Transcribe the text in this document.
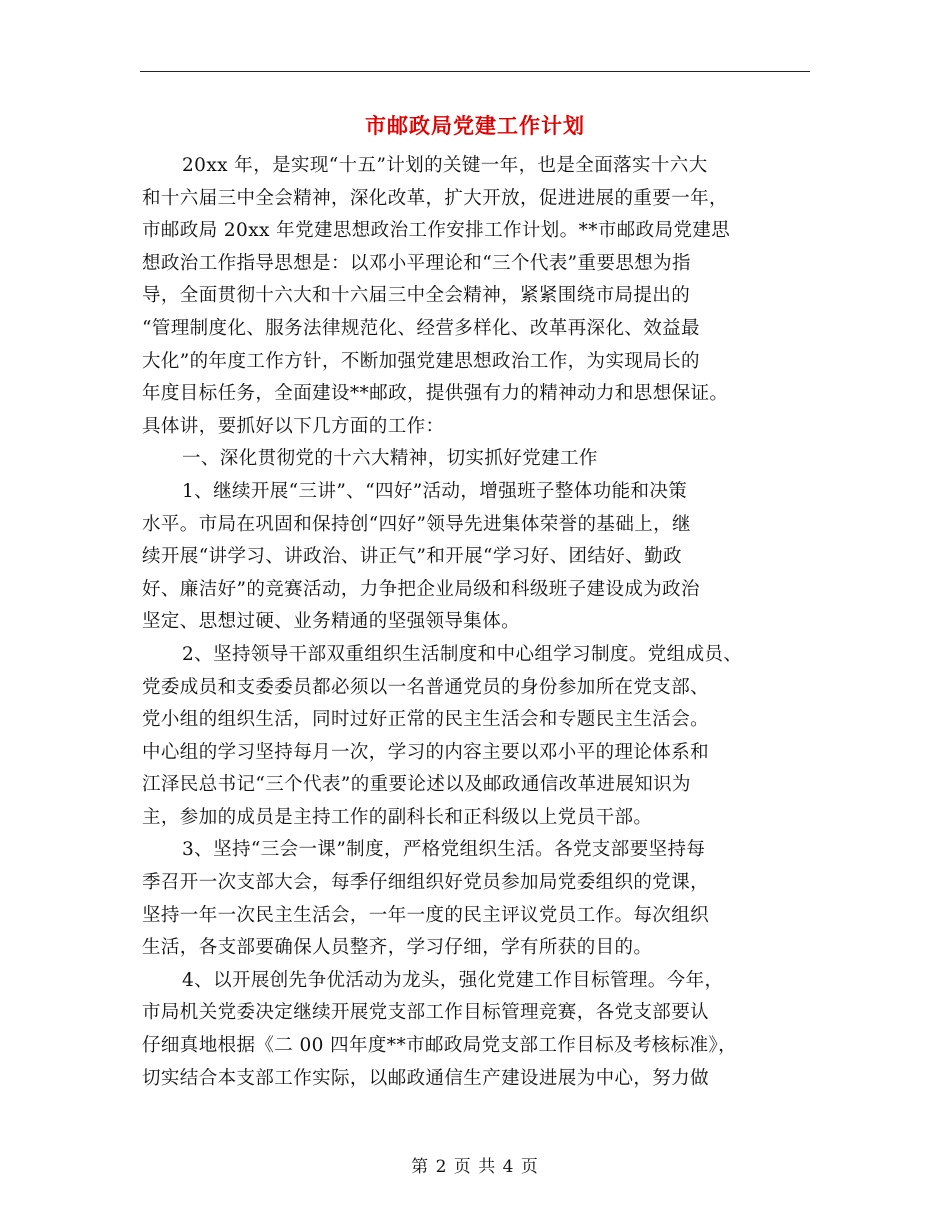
市邮政局党建工作计划
20xx 年，是实现“十五”计划的关键一年，也是全面落实十六大
和十六届三中全会精神，深化改革，扩大开放，促进进展的重要一年，
市邮政局 20xx 年党建思想政治工作安排工作计划。**市邮政局党建思
想政治工作指导思想是：以邓小平理论和“三个代表”重要思想为指
导，全面贯彻十六大和十六届三中全会精神，紧紧围绕市局提出的
“管理制度化、服务法律规范化、经营多样化、改革再深化、效益最
大化”的年度工作方针，不断加强党建思想政治工作，为实现局长的
年度目标任务，全面建设**邮政，提供强有力的精神动力和思想保证。
具体讲，要抓好以下几方面的工作：
一、深化贯彻党的十六大精神，切实抓好党建工作
1、继续开展“三讲”、“四好”活动，增强班子整体功能和决策
水平。市局在巩固和保持创“四好”领导先进集体荣誉的基础上，继
续开展“讲学习、讲政治、讲正气”和开展“学习好、团结好、勤政
好、廉洁好”的竞赛活动，力争把企业局级和科级班子建设成为政治
坚定、思想过硬、业务精通的坚强领导集体。
2、坚持领导干部双重组织生活制度和中心组学习制度。党组成员、
党委成员和支委委员都必须以一名普通党员的身份参加所在党支部、
党小组的组织生活，同时过好正常的民主生活会和专题民主生活会。
中心组的学习坚持每月一次，学习的内容主要以邓小平的理论体系和
江泽民总书记“三个代表”的重要论述以及邮政通信改革进展知识为
主，参加的成员是主持工作的副科长和正科级以上党员干部。
3、坚持“三会一课”制度，严格党组织生活。各党支部要坚持每
季召开一次支部大会，每季仔细组织好党员参加局党委组织的党课，
坚持一年一次民主生活会，一年一度的民主评议党员工作。每次组织
生活，各支部要确保人员整齐，学习仔细，学有所获的目的。
4、以开展创先争优活动为龙头，强化党建工作目标管理。今年，
市局机关党委决定继续开展党支部工作目标管理竞赛，各党支部要认
仔细真地根据《二 00 四年度**市邮政局党支部工作目标及考核标准》，
切实结合本支部工作实际，以邮政通信生产建设进展为中心，努力做
第 2 页 共 4 页
